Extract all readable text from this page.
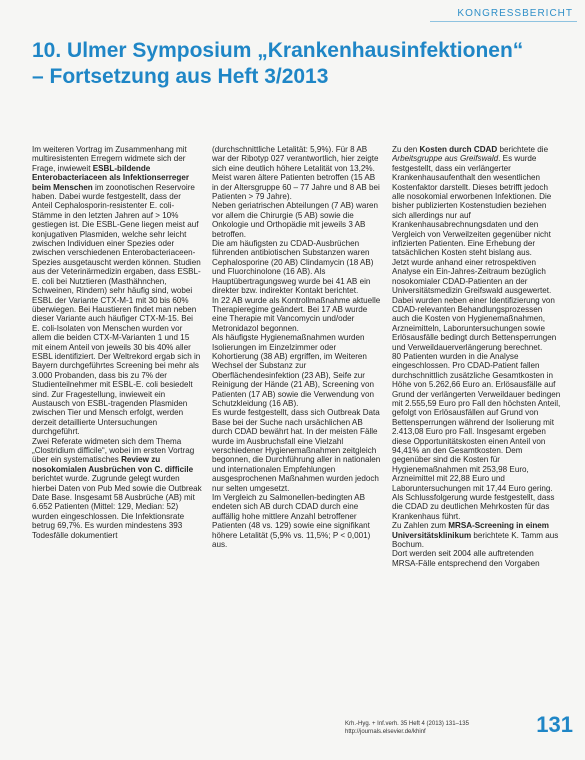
KONGRESSBERICHT
10. Ulmer Symposium „Krankenhausinfektionen“
– Fortsetzung aus Heft 3/2013

Im weiteren Vortrag im Zusammenhang mit multiresistenten Erregern widmete sich der Frage, inwieweit ESBL-bildende Enterobacteriaceen als Infektionserreger beim Menschen im zoonotischen Reservoire haben. Dabei wurde festgestellt, dass der Anteil Cephalosporin-resistenter E. coli-Stämme in den letzten Jahren auf > 10% gestiegen ist. Die ESBL-Gene liegen meist auf konjugativen Plasmiden, welche sehr leicht zwischen Individuen einer Spezies oder zwischen verschiedenen Enterobacteriaceen-Spezies ausgetauscht werden können. Studien aus der Veterinärmedizin ergaben, dass ESBL-E. coli bei Nutztieren (Masthähnchen, Schweinen, Rindern) sehr häufig sind, wobei ESBL der Variante CTX-M-1 mit 30 bis 60% überwiegen. Bei Haustieren findet man neben dieser Variante auch häufiger CTX-M-15. Bei E. coli-Isolaten von Menschen wurden vor allem die beiden CTX-M-Varianten 1 und 15 mit einem Anteil von jeweils 30 bis 40% aller ESBL identifiziert. Der Weltrekord ergab sich in Bayern durchgeführtes Screening bei mehr als 3.000 Probanden, dass bis zu 7% der Studienteilnehmer mit ESBL-E. coli besiedelt sind. Zur Fragestellung, inwieweit ein Austausch von ESBL-tragenden Plasmiden zwischen Tier und Mensch erfolgt, werden derzeit detaillierte Untersuchungen durchgeführt.
Zwei Referate widmeten sich dem Thema „Clostridium difficile“, wobei im ersten Vortrag über ein systematisches Review zu nosokomialen Ausbrüchen von C. difficile berichtet wurde. Zugrunde gelegt wurden hierbei Daten von Pub Med sowie die Outbreak Date Base. Insgesamt 58 Ausbrüche (AB) mit 6.652 Patienten (Mittel: 129, Median: 52) wurden eingeschlossen. Die Infektionsrate betrug 69,7%. Es wurden mindestens 393 Todesfälle dokumentiert

(durchschnittliche Letalität: 5,9%). Für 8 AB war der Ribotyp 027 verantwortlich, hier zeigte sich eine deutlich höhere Letalität von 13,2%.
Meist waren ältere Patienten betroffen (15 AB in der Altersgruppe 60 – 77 Jahre und 8 AB bei Patienten > 79 Jahre).
Neben geriatrischen Abteilungen (7 AB) waren vor allem die Chirurgie (5 AB) sowie die Onkologie und Orthopädie mit jeweils 3 AB betroffen.
Die am häufigsten zu CDAD-Ausbrüchen führenden antibiotischen Substanzen waren Cephalosporine (20 AB) Clindamycin (18 AB) und Fluorchinolone (16 AB). Als Hauptübertragungsweg wurde bei 41 AB ein direkter bzw. indirekter Kontakt berichtet.
In 22 AB wurde als Kontrollmaßnahme aktuelle Therapieregime geändert. Bei 17 AB wurde eine Therapie mit Vancomycin und/oder Metronidazol begonnen.
Als häufigste Hygienemaßnahmen wurden Isolierungen im Einzelzimmer oder Kohortierung (38 AB) ergriffen, im Weiteren Wechsel der Substanz zur Oberflächendesinfektion (23 AB), Seife zur Reinigung der Hände (21 AB), Screening von Patienten (17 AB) sowie die Verwendung von Schutzkleidung (16 AB).
Es wurde festgestellt, dass sich Outbreak Data Base bei der Suche nach ursächlichen AB durch CDAD bewährt hat. In der meisten Fälle wurde im Ausbruchsfall eine Vielzahl verschiedener Hygienemaßnahmen zeitgleich begonnen, die Durchführung aller in nationalen und internationalen Empfehlungen ausgesprochenen Maßnahmen wurden jedoch nur selten umgesetzt.
Im Vergleich zu Salmonellen-bedingten AB endeten sich AB durch CDAD durch eine auffällig hohe mittlere Anzahl betroffener Patienten (48 vs. 129) sowie eine signifikant höhere Letalität (5,9% vs. 11,5%; P < 0,001) aus.

Zu den Kosten durch CDAD berichtete die Arbeitsgruppe aus Greifswald. Es wurde festgestellt, dass ein verlängerter Krankenhausaufenthalt den wesentlichen Kostenfaktor darstellt. Dieses betrifft jedoch alle nosokomial erworbenen Infektionen. Die bisher publizierten Kostenstudien beziehen sich allerdings nur auf Krankenhausabrechnungsdaten und den Vergleich von Verweilzeiten gegenüber nicht infizierten Patienten. Eine Erhebung der tatsächlichen Kosten steht bislang aus.
Jetzt wurde anhand einer retrospektiven Analyse ein Ein-Jahres-Zeitraum bezüglich nosokomialer CDAD-Patienten an der Universitätsmedizin Greifswald ausgewertet. Dabei wurden neben einer Identifizierung von CDAD-relevanten Behandlungsprozessen auch die Kosten von Hygienemaßnahmen, Arzneimitteln, Laboruntersuchungen sowie Erlösausfälle bedingt durch Bettensperrungen und Verweildauerverlängerung berechnet.
80 Patienten wurden in die Analyse eingeschlossen. Pro CDAD-Patient fallen durchschnittlich zusätzliche Gesamtkosten in Höhe von 5.262,66 Euro an. Erlösausfälle auf Grund der verlängerten Verweildauer bedingen mit 2.555,59 Euro pro Fall den höchsten Anteil, gefolgt von Erlösausfällen auf Grund von Bettensperrungen während der Isolierung mit 2.413,08 Euro pro Fall. Insgesamt ergeben diese Opportunitätskosten einen Anteil von 94,41% an den Gesamtkosten. Dem gegenüber sind die Kosten für Hygienemaßnahmen mit 253,98 Euro, Arzneimittel mit 22,88 Euro und Laboruntersuchungen mit 17,44 Euro gering.
Als Schlussfolgerung wurde festgestellt, dass die CDAD zu deutlichen Mehrkosten für das Krankenhaus führt.
Zu Zahlen zum MRSA-Screening in einem Universitätsklinikum berichtete K. Tamm aus Bochum.
Dort werden seit 2004 alle auftretenden MRSA-Fälle entsprechend den Vorgaben

Krh.-Hyg. + Inf.verh. 35 Heft 4 (2013) 131–135
http://journals.elsevier.de/khinf	131
